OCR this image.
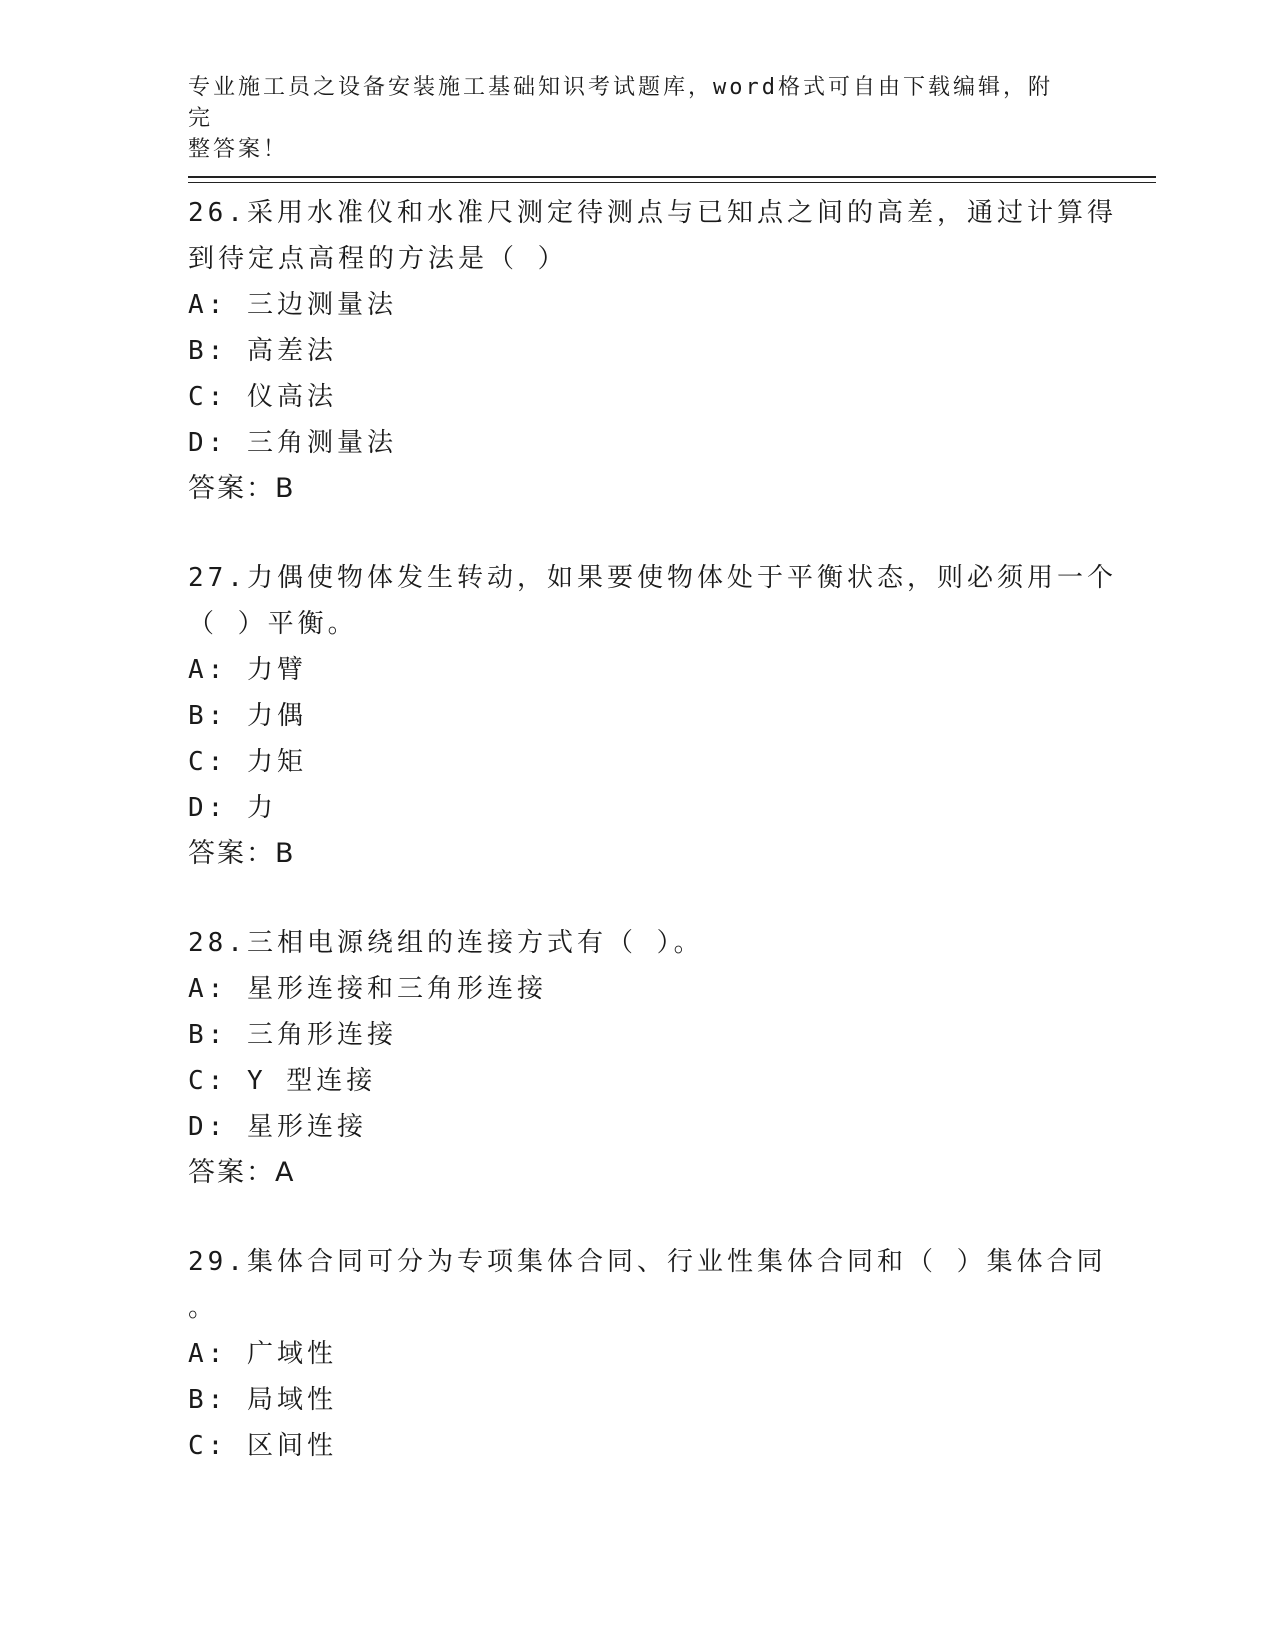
专业施工员之设备安装施工基础知识考试题库，word格式可自由下载编辑，附完
整答案！
26.采用水准仪和水准尺测定待测点与已知点之间的高差，通过计算得
到待定点高程的方法是（ ）
A: 三边测量法
B: 高差法
C: 仪高法
D: 三角测量法
答案：B
27.力偶使物体发生转动，如果要使物体处于平衡状态，则必须用一个
（ ）平衡。
A: 力臂
B: 力偶
C: 力矩
D: 力
答案：B
28.三相电源绕组的连接方式有（ ）。
A: 星形连接和三角形连接
B: 三角形连接
C: Y 型连接
D: 星形连接
答案：A
29.集体合同可分为专项集体合同、行业性集体合同和（ ）集体合同
。
A: 广域性
B: 局域性
C: 区间性
